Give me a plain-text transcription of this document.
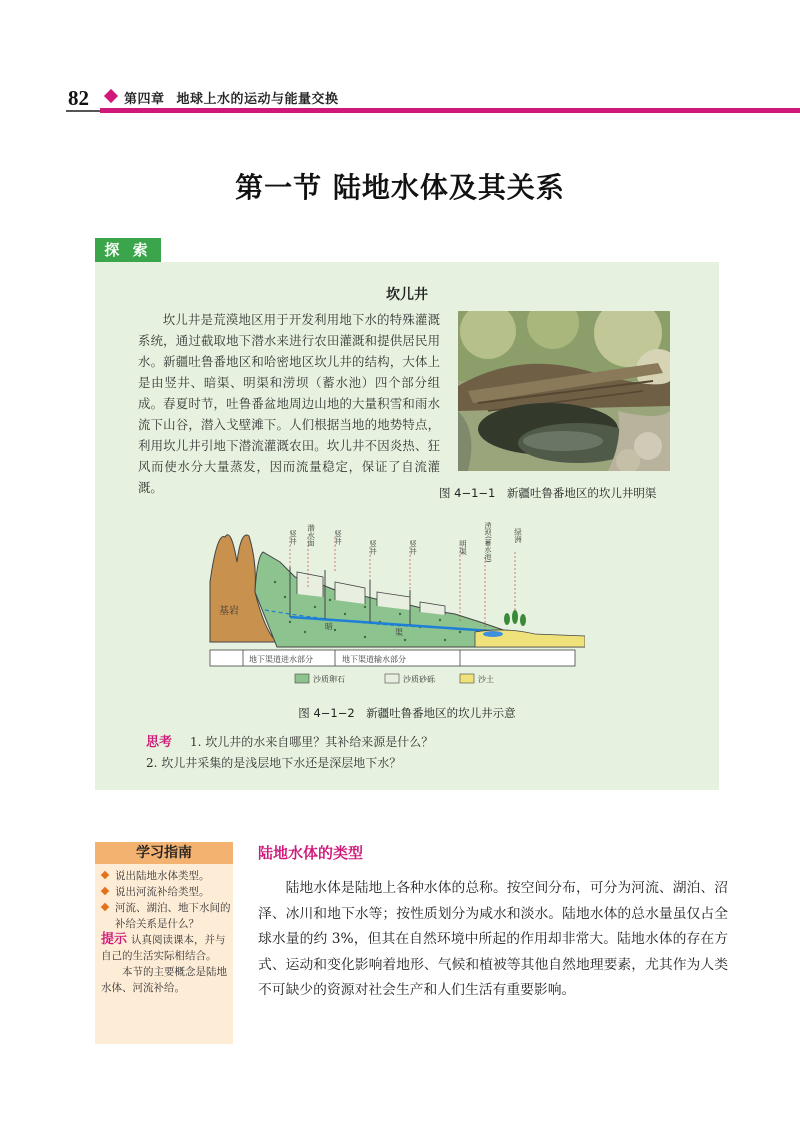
82	第四章 地球上水的运动与能量交换
第一节 陆地水体及其关系
探 索
坎儿井
坎儿井是荒漠地区用于开发利用地下水的特殊灌溉系统，通过截取地下潜水来进行农田灌溉和提供居民用水。新疆吐鲁番地区和哈密地区坎儿井的结构，大体上是由竖井、暗渠、明渠和涝坝（蓄水池）四个部分组成。春夏时节，吐鲁番盆地周边山地的大量积雪和雨水流下山谷，潜入戈壁滩下。人们根据当地的地势特点，利用坎儿井引地下潜流灌溉农田。坎儿井不因炎热、狂风而使水分大量蒸发，因而流量稳定，保证了自流灌溉。	图 4−1−1　新疆吐鲁番地区的坎儿井明渠
竖井 潜水面 竖井
竖井	竖井	明渠 涝坝(蓄水池)	绿洲
基岩
暗
渠
地下渠道进水部分	地下渠道输水部分
沙质卵石	沙质砂砾	沙土
图 4−1−2　新疆吐鲁番地区的坎儿井示意
思考 1. 坎儿井的水来自哪里？其补给来源是什么？
2. 坎儿井采集的是浅层地下水还是深层地下水？
学习指南
说出陆地水体类型。
说出河流补给类型。
河流、湖泊、地下水间的补给关系是什么？
提示 认真阅读课本，并与自己的生活实际相结合。
本节的主要概念是陆地水体、河流补给。
陆地水体的类型
陆地水体是陆地上各种水体的总称。按空间分布，可分为河流、湖泊、沼泽、冰川和地下水等；按性质划分为咸水和淡水。陆地水体的总水量虽仅占全球水量的约 3%，但其在自然环境中所起的作用却非常大。陆地水体的存在方式、运动和变化影响着地形、气候和植被等其他自然地理要素，尤其作为人类不可缺少的资源对社会生产和人们生活有重要影响。
